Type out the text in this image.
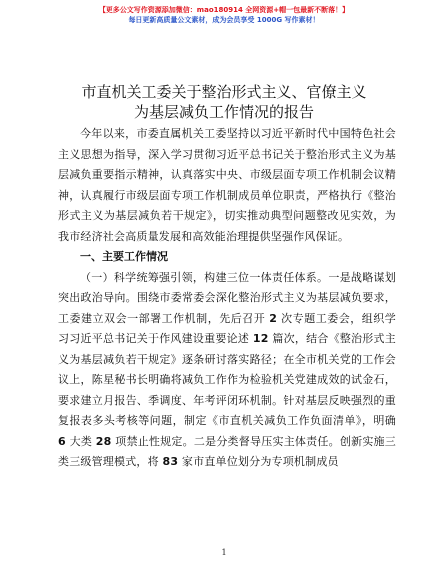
【更多公文写作资源添加微信：mao180914 全网资源+帽一包最新不断落！】
每日更新高质量公文素材，成为会员享受 1000G 写作素材！
市直机关工委关于整治形式主义、官僚主义
为基层减负工作情况的报告

今年以来，市委直属机关工委坚持以习近平新时代中国特色社会主义思想为指导，深入学习贯彻习近平总书记关于整治形式主义为基层减负重要指示精神，认真落实中央、市级层面专项工作机制会议精神，认真履行市级层面专项工作机制成员单位职责，严格执行《整治形式主义为基层减负若干规定》，切实推动典型问题整改见实效，为我市经济社会高质量发展和高效能治理提供坚强作风保证。

一、主要工作情况

（一）科学统筹强引领，构建三位一体责任体系。一是战略谋划突出政治导向。围绕市委常委会深化整治形式主义为基层减负要求，工委建立双会一部署工作机制，先后召开 2 次专题工委会，组织学习习近平总书记关于作风建设重要论述 12 篇次，结合《整治形式主义为基层减负若干规定》逐条研讨落实路径；在全市机关党的工作会议上，陈星秘书长明确将减负工作作为检验机关党建成效的试金石，要求建立月报告、季调度、年考评闭环机制。针对基层反映强烈的重复报表多头考核等问题，制定《市直机关减负工作负面清单》，明确 6 大类 28 项禁止性规定。二是分类督导压实主体责任。创新实施三类三级管理模式，将 83 家市直单位划分为专项机制成员

1
